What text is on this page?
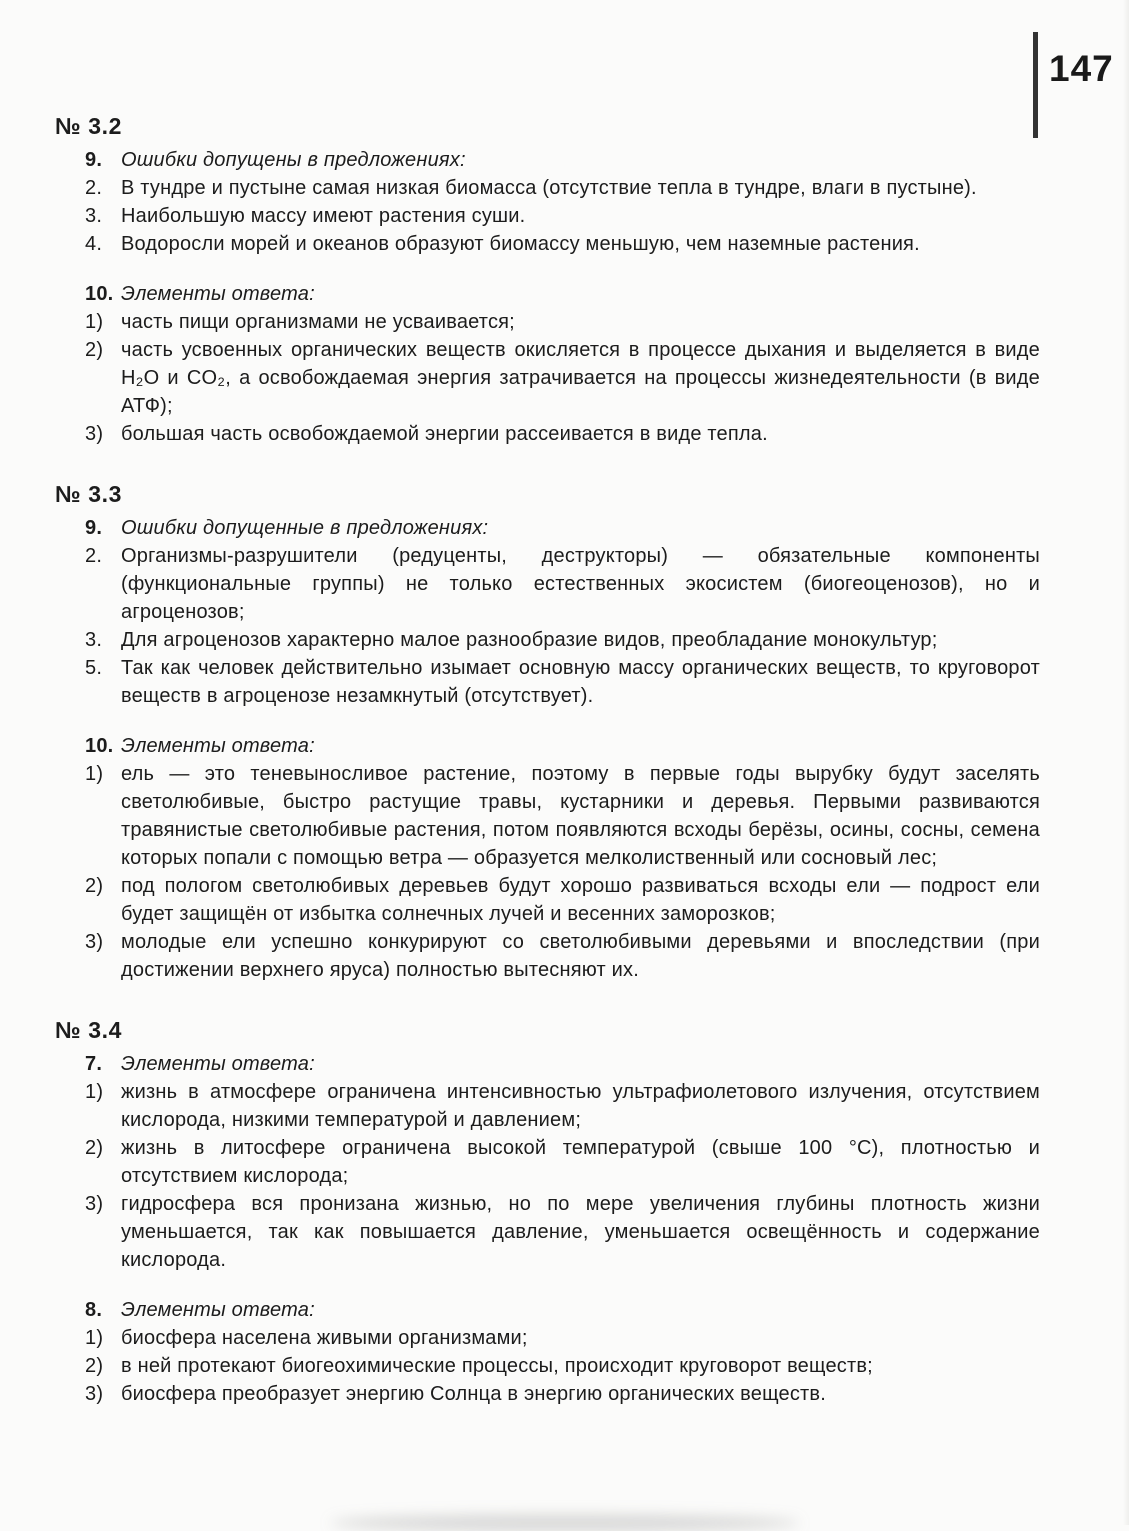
147
№ 3.2
9. Ошибки допущены в предложениях:
2. В тундре и пустыне самая низкая биомасса (отсутствие тепла в тундре, влаги в пустыне).
3. Наибольшую массу имеют растения суши.
4. Водоросли морей и океанов образуют биомассу меньшую, чем наземные растения.
10. Элементы ответа:
1) часть пищи организмами не усваивается;
2) часть усвоенных органических веществ окисляется в процессе дыхания и выделяется в виде H₂O и CO₂, а освобождаемая энергия затрачивается на процессы жизнедеятельности (в виде АТФ);
3) большая часть освобождаемой энергии рассеивается в виде тепла.
№ 3.3
9. Ошибки допущенные в предложениях:
2. Организмы-разрушители (редуценты, деструкторы) — обязательные компоненты (функциональные группы) не только естественных экосистем (биогеоценозов), но и агроценозов;
3. Для агроценозов характерно малое разнообразие видов, преобладание монокультур;
5. Так как человек действительно изымает основную массу органических веществ, то круговорот веществ в агроценозе незамкнутый (отсутствует).
10. Элементы ответа:
1) ель — это теневыносливое растение, поэтому в первые годы вырубку будут заселять светолюбивые, быстро растущие травы, кустарники и деревья. Первыми развиваются травянистые светолюбивые растения, потом появляются всходы берёзы, осины, сосны, семена которых попали с помощью ветра — образуется мелколиственный или сосновый лес;
2) под пологом светолюбивых деревьев будут хорошо развиваться всходы ели — подрост ели будет защищён от избытка солнечных лучей и весенних заморозков;
3) молодые ели успешно конкурируют со светолюбивыми деревьями и впоследствии (при достижении верхнего яруса) полностью вытесняют их.
№ 3.4
7. Элементы ответа:
1) жизнь в атмосфере ограничена интенсивностью ультрафиолетового излучения, отсутствием кислорода, низкими температурой и давлением;
2) жизнь в литосфере ограничена высокой температурой (свыше 100 °С), плотностью и отсутствием кислорода;
3) гидросфера вся пронизана жизнью, но по мере увеличения глубины плотность жизни уменьшается, так как повышается давление, уменьшается освещённость и содержание кислорода.
8. Элементы ответа:
1) биосфера населена живыми организмами;
2) в ней протекают биогеохимические процессы, происходит круговорот веществ;
3) биосфера преобразует энергию Солнца в энергию органических веществ.
